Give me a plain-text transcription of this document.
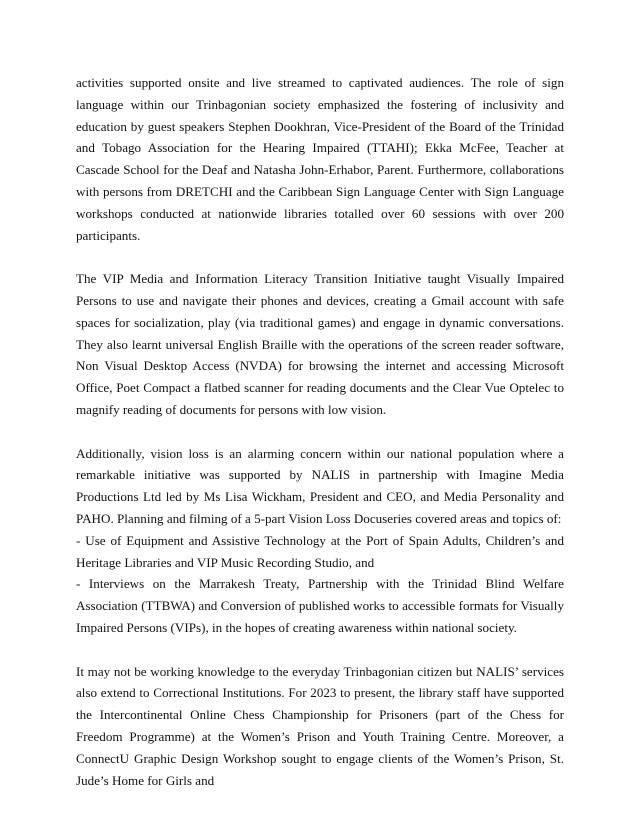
activities supported onsite and live streamed to captivated audiences. The role of sign language within our Trinbagonian society emphasized the fostering of inclusivity and education by guest speakers Stephen Dookhran, Vice-President of the Board of the Trinidad and Tobago Association for the Hearing Impaired (TTAHI); Ekka McFee, Teacher at Cascade School for the Deaf and Natasha John-Erhabor, Parent. Furthermore, collaborations with persons from DRETCHI and the Caribbean Sign Language Center with Sign Language workshops conducted at nationwide libraries totalled over 60 sessions with over 200 participants.

The VIP Media and Information Literacy Transition Initiative taught Visually Impaired Persons to use and navigate their phones and devices, creating a Gmail account with safe spaces for socialization, play (via traditional games) and engage in dynamic conversations. They also learnt universal English Braille with the operations of the screen reader software, Non Visual Desktop Access (NVDA) for browsing the internet and accessing Microsoft Office, Poet Compact a flatbed scanner for reading documents and the Clear Vue Optelec to magnify reading of documents for persons with low vision.

Additionally, vision loss is an alarming concern within our national population where a remarkable initiative was supported by NALIS in partnership with Imagine Media Productions Ltd led by Ms Lisa Wickham, President and CEO, and Media Personality and PAHO. Planning and filming of a 5-part Vision Loss Docuseries covered areas and topics of:

- Use of Equipment and Assistive Technology at the Port of Spain Adults, Children’s and Heritage Libraries and VIP Music Recording Studio, and

- Interviews on the Marrakesh Treaty, Partnership with the Trinidad Blind Welfare Association (TTBWA) and Conversion of published works to accessible formats for Visually Impaired Persons (VIPs), in the hopes of creating awareness within national society.

It may not be working knowledge to the everyday Trinbagonian citizen but NALIS’ services also extend to Correctional Institutions. For 2023 to present, the library staff have supported the Intercontinental Online Chess Championship for Prisoners (part of the Chess for Freedom Programme) at the Women’s Prison and Youth Training Centre. Moreover, a ConnectU Graphic Design Workshop sought to engage clients of the Women’s Prison, St. Jude’s Home for Girls and
